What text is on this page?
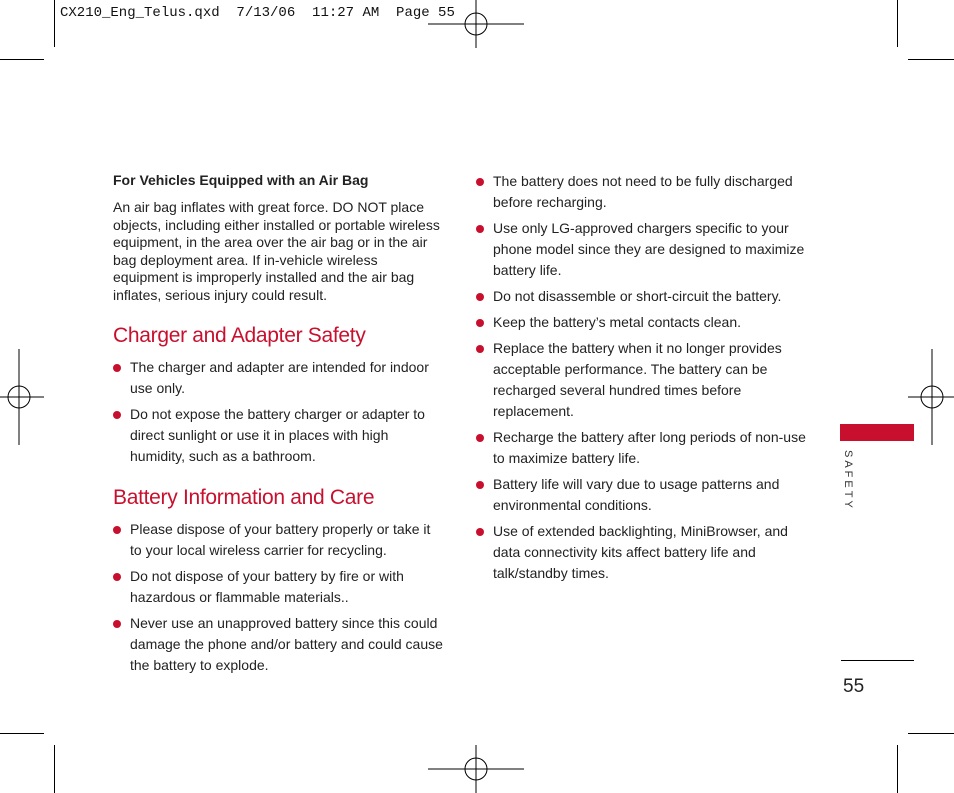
CX210_Eng_Telus.qxd  7/13/06  11:27 AM  Page 55
For Vehicles Equipped with an Air Bag

An air bag inflates with great force. DO NOT place objects, including either installed or portable wireless equipment, in the area over the air bag or in the air bag deployment area. If in-vehicle wireless equipment is improperly installed and the air bag inflates, serious injury could result.

Charger and Adapter Safety
The charger and adapter are intended for indoor use only.
Do not expose the battery charger or adapter to direct sunlight or use it in places with high humidity, such as a bathroom.
Battery Information and Care
Please dispose of your battery properly or take it to your local wireless carrier for recycling.
Do not dispose of your battery by fire or with hazardous or flammable materials..
Never use an unapproved battery since this could damage the phone and/or battery and could cause the battery to explode.
The battery does not need to be fully discharged before recharging.
Use only LG-approved chargers specific to your phone model since they are designed to maximize battery life.
Do not disassemble or short-circuit the battery.
Keep the battery’s metal contacts clean.
Replace the battery when it no longer provides acceptable performance. The battery can be recharged several hundred times before replacement.
Recharge the battery after long periods of non-use to maximize battery life.
Battery life will vary due to usage patterns and environmental conditions.
Use of extended backlighting, MiniBrowser, and data connectivity kits affect battery life and talk/standby times.
SAFETY
55
